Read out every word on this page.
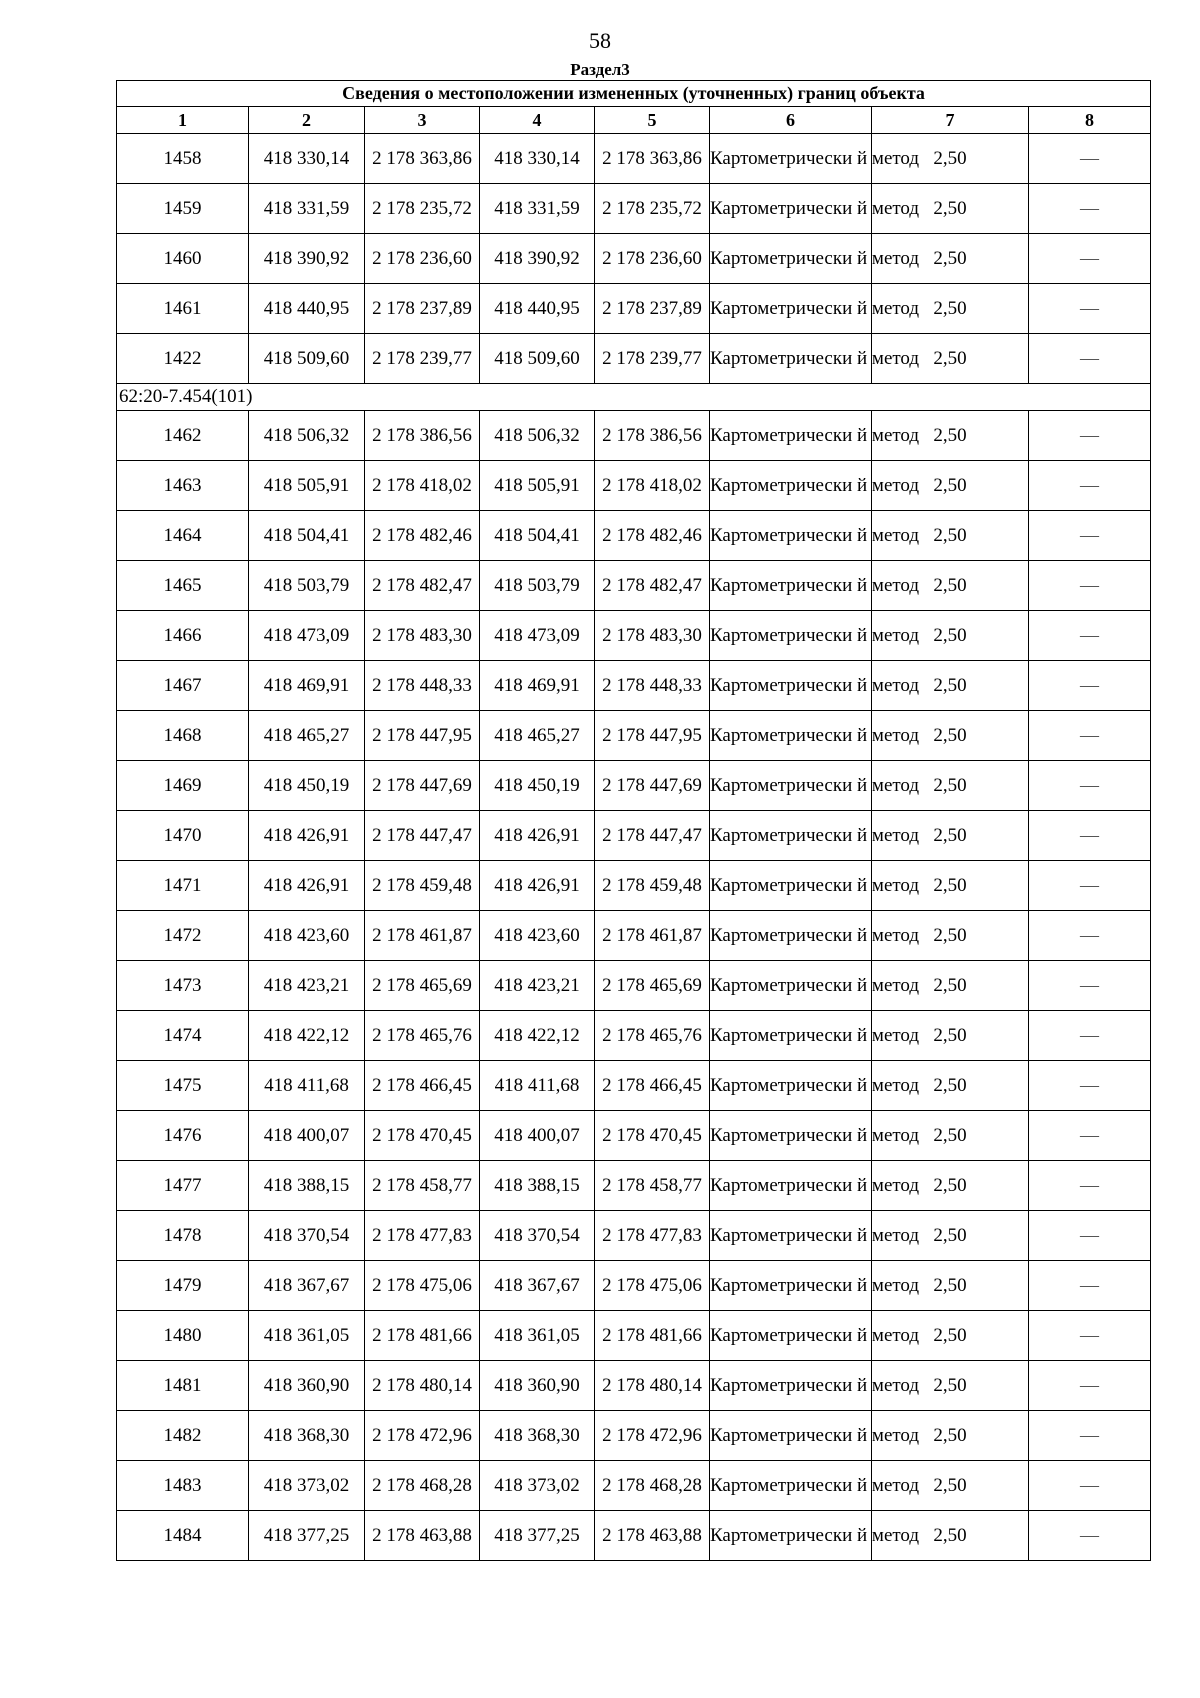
58
Раздел3
Сведения о местоположении измененных (уточненных) границ объекта							
1	2	3	4	5	6	7	8
1458	418 330,14	2 178 363,86	418 330,14	2 178 363,86	Картометрически й метод	2,50	—
1459	418 331,59	2 178 235,72	418 331,59	2 178 235,72	Картометрически й метод	2,50	—
1460	418 390,92	2 178 236,60	418 390,92	2 178 236,60	Картометрически й метод	2,50	—
1461	418 440,95	2 178 237,89	418 440,95	2 178 237,89	Картометрически й метод	2,50	—
1422	418 509,60	2 178 239,77	418 509,60	2 178 239,77	Картометрически й метод	2,50	—
62:20-7.454(101)							
1462	418 506,32	2 178 386,56	418 506,32	2 178 386,56	Картометрически й метод	2,50	—
1463	418 505,91	2 178 418,02	418 505,91	2 178 418,02	Картометрически й метод	2,50	—
1464	418 504,41	2 178 482,46	418 504,41	2 178 482,46	Картометрически й метод	2,50	—
1465	418 503,79	2 178 482,47	418 503,79	2 178 482,47	Картометрически й метод	2,50	—
1466	418 473,09	2 178 483,30	418 473,09	2 178 483,30	Картометрически й метод	2,50	—
1467	418 469,91	2 178 448,33	418 469,91	2 178 448,33	Картометрически й метод	2,50	—
1468	418 465,27	2 178 447,95	418 465,27	2 178 447,95	Картометрически й метод	2,50	—
1469	418 450,19	2 178 447,69	418 450,19	2 178 447,69	Картометрически й метод	2,50	—
1470	418 426,91	2 178 447,47	418 426,91	2 178 447,47	Картометрически й метод	2,50	—
1471	418 426,91	2 178 459,48	418 426,91	2 178 459,48	Картометрически й метод	2,50	—
1472	418 423,60	2 178 461,87	418 423,60	2 178 461,87	Картометрически й метод	2,50	—
1473	418 423,21	2 178 465,69	418 423,21	2 178 465,69	Картометрически й метод	2,50	—
1474	418 422,12	2 178 465,76	418 422,12	2 178 465,76	Картометрически й метод	2,50	—
1475	418 411,68	2 178 466,45	418 411,68	2 178 466,45	Картометрически й метод	2,50	—
1476	418 400,07	2 178 470,45	418 400,07	2 178 470,45	Картометрически й метод	2,50	—
1477	418 388,15	2 178 458,77	418 388,15	2 178 458,77	Картометрически й метод	2,50	—
1478	418 370,54	2 178 477,83	418 370,54	2 178 477,83	Картометрически й метод	2,50	—
1479	418 367,67	2 178 475,06	418 367,67	2 178 475,06	Картометрически й метод	2,50	—
1480	418 361,05	2 178 481,66	418 361,05	2 178 481,66	Картометрически й метод	2,50	—
1481	418 360,90	2 178 480,14	418 360,90	2 178 480,14	Картометрически й метод	2,50	—
1482	418 368,30	2 178 472,96	418 368,30	2 178 472,96	Картометрически й метод	2,50	—
1483	418 373,02	2 178 468,28	418 373,02	2 178 468,28	Картометрически й метод	2,50	—
1484	418 377,25	2 178 463,88	418 377,25	2 178 463,88	Картометрически й метод	2,50	—
